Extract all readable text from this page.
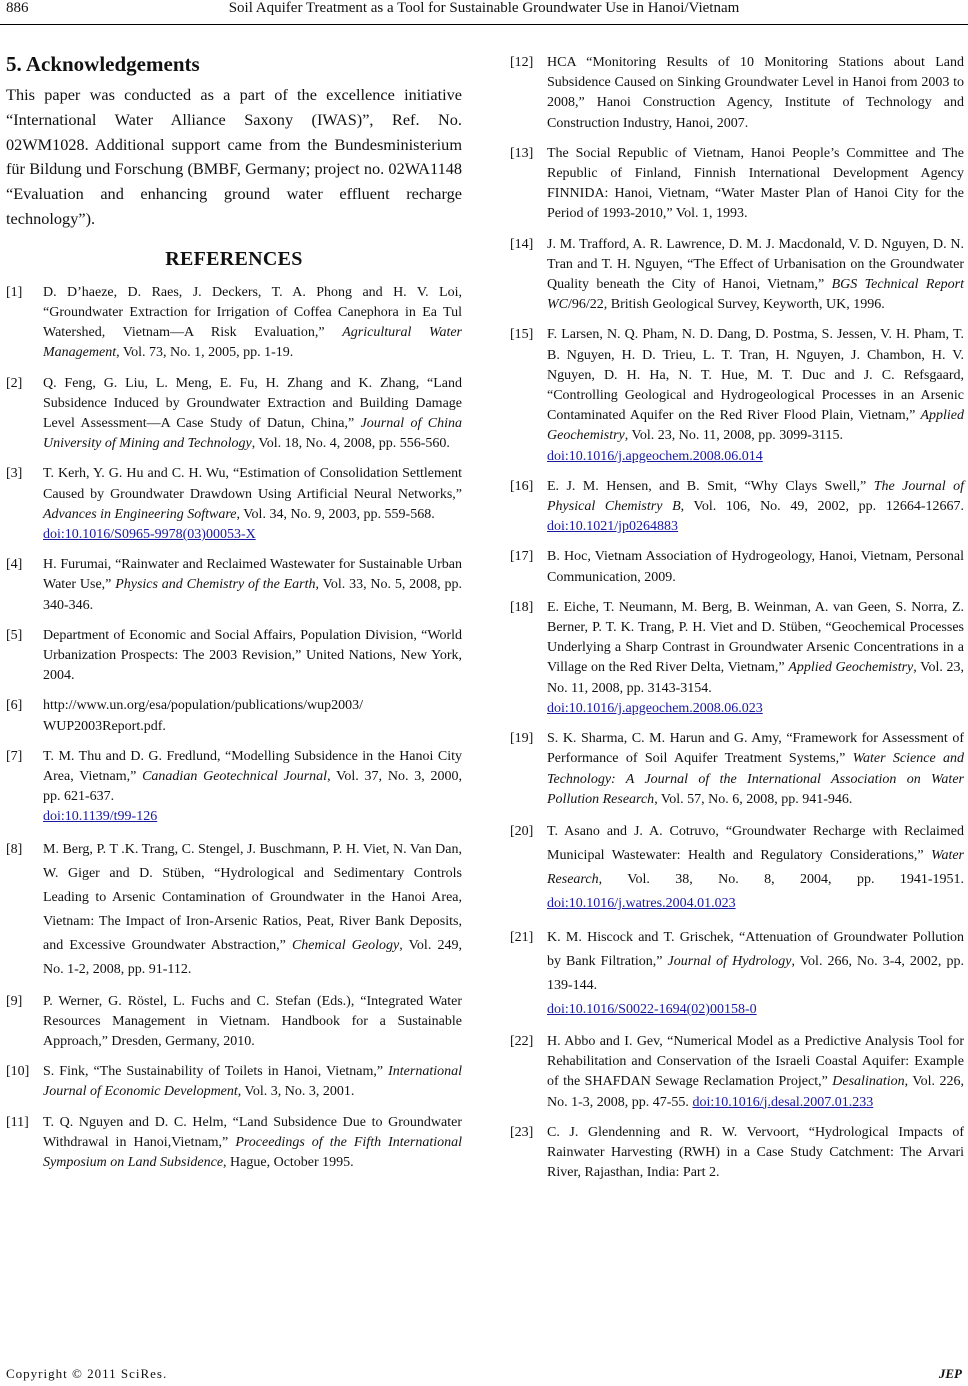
886	Soil Aquifer Treatment as a Tool for Sustainable Groundwater Use in Hanoi/Vietnam
5. Acknowledgements

This paper was conducted as a part of the excellence initiative “International Water Alliance Saxony (IWAS)”, Ref. No. 02WM1028. Additional support came from the Bundesministerium für Bildung und Forschung (BMBF, Germany; project no. 02WA1148 “Evaluation and enhancing ground water effluent recharge technology”).

REFERENCES
[1] D. D’haeze, D. Raes, J. Deckers, T. A. Phong and H. V. Loi, “Groundwater Extraction for Irrigation of Coffea Canephora in Ea Tul Watershed, Vietnam—A Risk Evaluation,” Agricultural Water Management, Vol. 73, No. 1, 2005, pp. 1-19.
[2] Q. Feng, G. Liu, L. Meng, E. Fu, H. Zhang and K. Zhang, “Land Subsidence Induced by Groundwater Extraction and Building Damage Level Assessment—A Case Study of Datun, China,” Journal of China University of Mining and Technology, Vol. 18, No. 4, 2008, pp. 556-560.
[3] T. Kerh, Y. G. Hu and C. H. Wu, “Estimation of Consolidation Settlement Caused by Groundwater Drawdown Using Artificial Neural Networks,” Advances in Engineering Software, Vol. 34, No. 9, 2003, pp. 559-568.
doi:10.1016/S0965-9978(03)00053-X
[4] H. Furumai, “Rainwater and Reclaimed Wastewater for Sustainable Urban Water Use,” Physics and Chemistry of the Earth, Vol. 33, No. 5, 2008, pp. 340-346.
[5] Department of Economic and Social Affairs, Population Division, “World Urbanization Prospects: The 2003 Revision,” United Nations, New York, 2004.
[6] http://www.un.org/esa/population/publications/wup2003/ WUP2003Report.pdf.
[7] T. M. Thu and D. G. Fredlund, “Modelling Subsidence in the Hanoi City Area, Vietnam,” Canadian Geotechnical Journal, Vol. 37, No. 3, 2000, pp. 621-637.
doi:10.1139/t99-126
[8] M. Berg, P. T .K. Trang, C. Stengel, J. Buschmann, P. H. Viet, N. Van Dan, W. Giger and D. Stüben, “Hydrological and Sedimentary Controls Leading to Arsenic Contamination of Groundwater in the Hanoi Area, Vietnam: The Impact of Iron-Arsenic Ratios, Peat, River Bank Deposits, and Excessive Groundwater Abstraction,” Chemical Geology, Vol. 249, No. 1-2, 2008, pp. 91-112.
[9] P. Werner, G. Röstel, L. Fuchs and C. Stefan (Eds.), “Integrated Water Resources Management in Vietnam. Handbook for a Sustainable Approach,” Dresden, Germany, 2010.
[10] S. Fink, “The Sustainability of Toilets in Hanoi, Vietnam,” International Journal of Economic Development, Vol. 3, No. 3, 2001.
[11] T. Q. Nguyen and D. C. Helm, “Land Subsidence Due to Groundwater Withdrawal in Hanoi,Vietnam,” Proceedings of the Fifth International Symposium on Land Subsidence, Hague, October 1995.
[12] HCA “Monitoring Results of 10 Monitoring Stations about Land Subsidence Caused on Sinking Groundwater Level in Hanoi from 2003 to 2008,” Hanoi Construction Agency, Institute of Technology and Construction Industry, Hanoi, 2007.
[13] The Social Republic of Vietnam, Hanoi People’s Committee and The Republic of Finland, Finnish International Development Agency FINNIDA: Hanoi, Vietnam, “Water Master Plan of Hanoi City for the Period of 1993-2010,” Vol. 1, 1993.
[14] J. M. Trafford, A. R. Lawrence, D. M. J. Macdonald, V. D. Nguyen, D. N. Tran and T. H. Nguyen, “The Effect of Urbanisation on the Groundwater Quality beneath the City of Hanoi, Vietnam,” BGS Technical Report WC/96/22, British Geological Survey, Keyworth, UK, 1996.
[15] F. Larsen, N. Q. Pham, N. D. Dang, D. Postma, S. Jessen, V. H. Pham, T. B. Nguyen, H. D. Trieu, L. T. Tran, H. Nguyen, J. Chambon, H. V. Nguyen, D. H. Ha, N. T. Hue, M. T. Duc and J. C. Refsgaard, “Controlling Geological and Hydrogeological Processes in an Arsenic Contaminated Aquifer on the Red River Flood Plain, Vietnam,” Applied Geochemistry, Vol. 23, No. 11, 2008, pp. 3099-3115.
doi:10.1016/j.apgeochem.2008.06.014
[16] E. J. M. Hensen, and B. Smit, “Why Clays Swell,” The Journal of Physical Chemistry B, Vol. 106, No. 49, 2002, pp. 12664-12667. doi:10.1021/jp0264883
[17] B. Hoc, Vietnam Association of Hydrogeology, Hanoi, Vietnam, Personal Communication, 2009.
[18] E. Eiche, T. Neumann, M. Berg, B. Weinman, A. van Geen, S. Norra, Z. Berner, P. T. K. Trang, P. H. Viet and D. Stüben, “Geochemical Processes Underlying a Sharp Contrast in Groundwater Arsenic Concentrations in a Village on the Red River Delta, Vietnam,” Applied Geochemistry, Vol. 23, No. 11, 2008, pp. 3143-3154.
doi:10.1016/j.apgeochem.2008.06.023
[19] S. K. Sharma, C. M. Harun and G. Amy, “Framework for Assessment of Performance of Soil Aquifer Treatment Systems,” Water Science and Technology: A Journal of the International Association on Water Pollution Research, Vol. 57, No. 6, 2008, pp. 941-946.
[20] T. Asano and J. A. Cotruvo, “Groundwater Recharge with Reclaimed Municipal Wastewater: Health and Regulatory Considerations,” Water Research, Vol. 38, No. 8, 2004, pp. 1941-1951. doi:10.1016/j.watres.2004.01.023
[21] K. M. Hiscock and T. Grischek, “Attenuation of Groundwater Pollution by Bank Filtration,” Journal of Hydrology, Vol. 266, No. 3-4, 2002, pp. 139-144.
doi:10.1016/S0022-1694(02)00158-0
[22] H. Abbo and I. Gev, “Numerical Model as a Predictive Analysis Tool for Rehabilitation and Conservation of the Israeli Coastal Aquifer: Example of the SHAFDAN Sewage Reclamation Project,” Desalination, Vol. 226, No. 1-3, 2008, pp. 47-55. doi:10.1016/j.desal.2007.01.233
[23] C. J. Glendenning and R. W. Vervoort, “Hydrological Impacts of Rainwater Harvesting (RWH) in a Case Study Catchment: The Arvari River, Rajasthan, India: Part 2.
Copyright © 2011 SciRes.	JEP
